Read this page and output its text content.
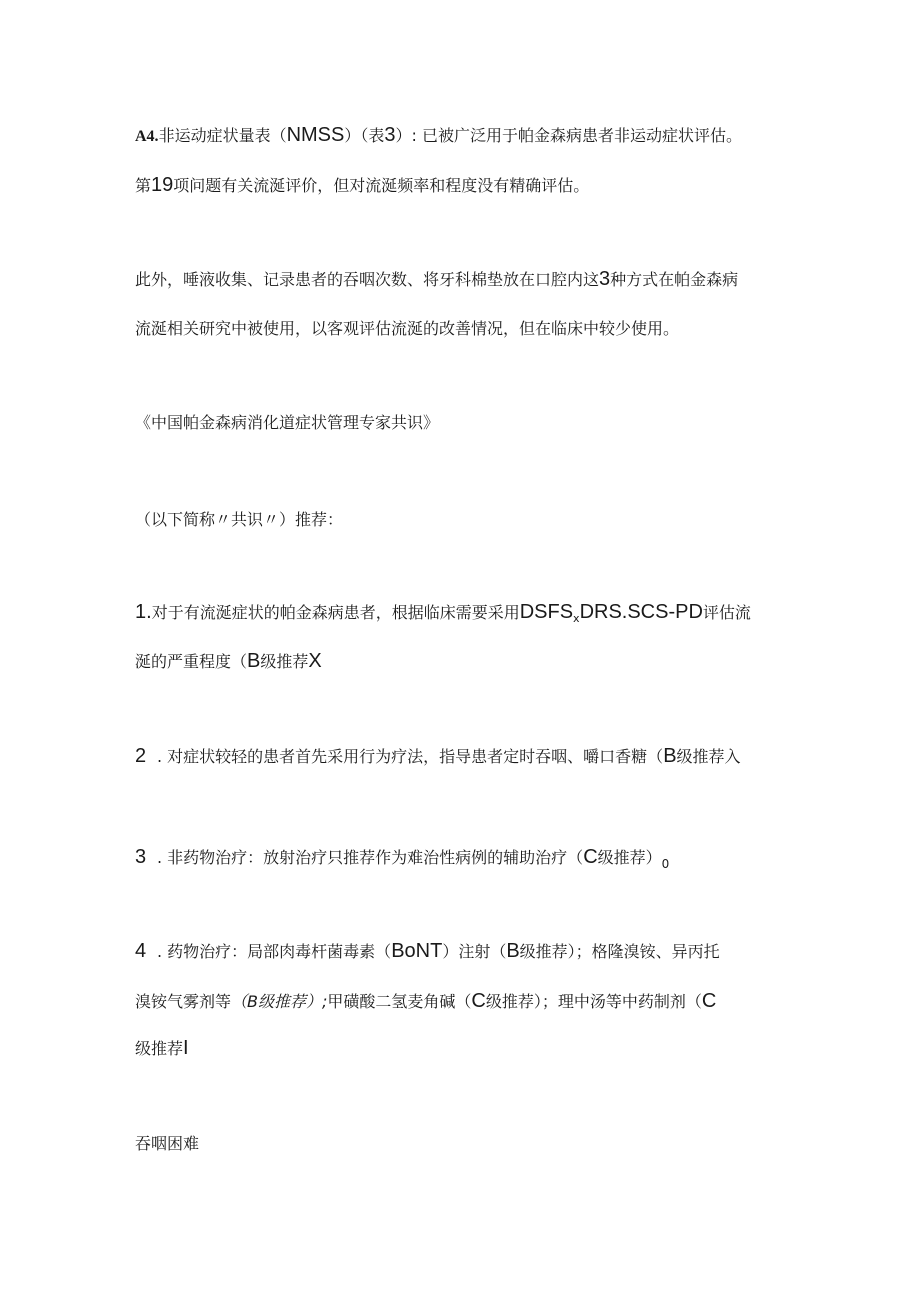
A4.非运动症状量表（NMSS）（表3）: 已被广泛用于帕金森病患者非运动症状评估。
第19项问题有关流涎评价，但对流涎频率和程度没有精确评估。
此外，唾液收集、记录患者的吞咽次数、将牙科棉垫放在口腔内这3种方式在帕金森病
流涎相关研究中被使用，以客观评估流涎的改善情况，但在临床中较少使用。
《中国帕金森病消化道症状管理专家共识》
（以下简称〃共识〃）推荐：
1.对于有流涎症状的帕金森病患者，根据临床需要采用$DSFS_xDRS.SCS-PD$评估流
涎的严重程度（B级推荐X
2 . 对症状较轻的患者首先采用行为疗法，指导患者定时吞咽、嚼口香糖（B级推荐入
3 . 非药物治疗：放射治疗只推荐作为难治性病例的辅助治疗（C级推荐）$_0$
4 . 药物治疗：局部肉毒杆菌毒素（BoNT）注射（B级推荐）；格隆溴铵、异丙托
溴铵气雾剂等（B级推荐）;甲磺酸二氢麦角碱（C级推荐）；理中汤等中药制剂（C
级推荐I
吞咽困难
